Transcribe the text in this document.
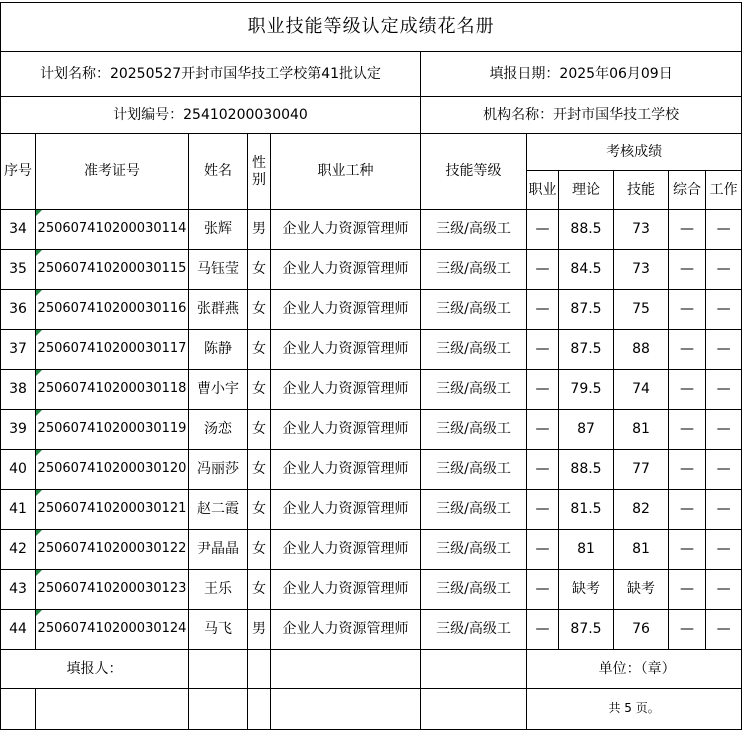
职业技能等级认定成绩花名册										
计划名称：20250527开封市国华技工学校第41批认定					填报日期：2025年06月09日					
计划编号：25410200030040					机构名称：开封市国华技工学校					
序号	准考证号	姓名	性别	职业工种	技能等级	考核成绩				
						职业	理论	技能	综合	工作
34	250607410200030114	张辉	男	企业人力资源管理师	三级/高级工	—	88.5	73	—	—
35	250607410200030115	马钰莹	女	企业人力资源管理师	三级/高级工	—	84.5	73	—	—
36	250607410200030116	张群燕	女	企业人力资源管理师	三级/高级工	—	87.5	75	—	—
37	250607410200030117	陈静	女	企业人力资源管理师	三级/高级工	—	87.5	88	—	—
38	250607410200030118	曹小宇	女	企业人力资源管理师	三级/高级工	—	79.5	74	—	—
39	250607410200030119	汤恋	女	企业人力资源管理师	三级/高级工	—	87	81	—	—
40	250607410200030120	冯丽莎	女	企业人力资源管理师	三级/高级工	—	88.5	77	—	—
41	250607410200030121	赵二霞	女	企业人力资源管理师	三级/高级工	—	81.5	82	—	—
42	250607410200030122	尹晶晶	女	企业人力资源管理师	三级/高级工	—	81	81	—	—
43	250607410200030123	王乐	女	企业人力资源管理师	三级/高级工	—	缺考	缺考	—	—
44	250607410200030124	马飞	男	企业人力资源管理师	三级/高级工	—	87.5	76	—	—
填报人：						单位：（章）				
						共 5 页。				
